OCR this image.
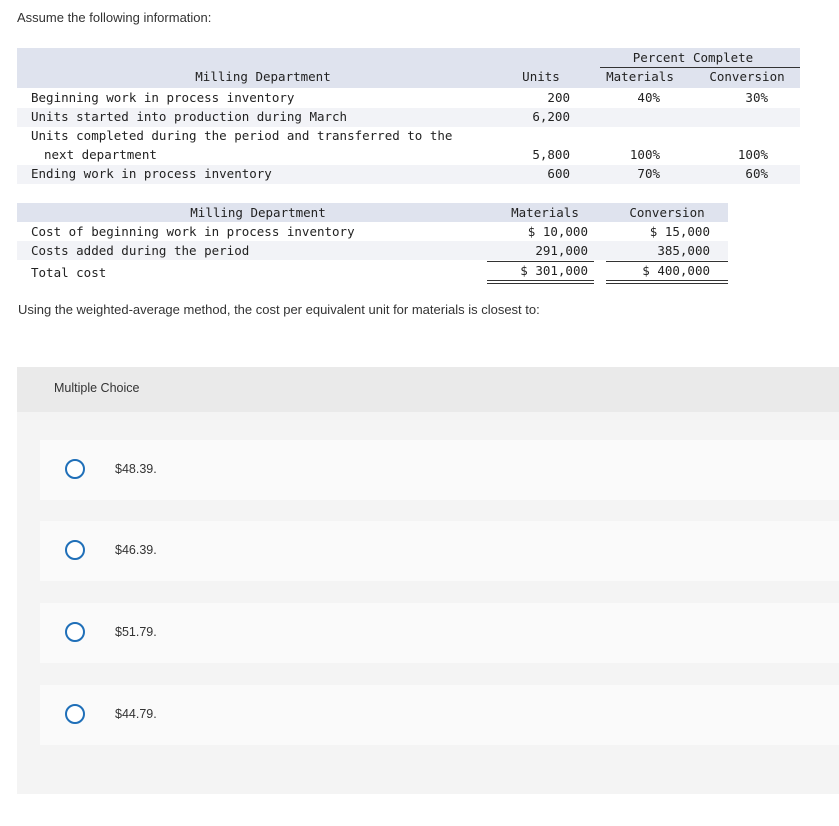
Assume the following information:
Percent Complete
Milling Department	Units	Materials	Conversion
Beginning work in process inventory	200	40%	30%
Units started into production during March	6,200
Units completed during the period and transferred to the
next department	5,800	100%	100%
Ending work in process inventory	600	70%	60%
Milling Department	Materials	Conversion
Cost of beginning work in process inventory	$ 10,000	$ 15,000
Costs added during the period	291,000	385,000
Total cost	$ 301,000	$ 400,000
Using the weighted-average method, the cost per equivalent unit for materials is closest to:
Multiple Choice
$48.39.
$46.39.
$51.79.
$44.79.
